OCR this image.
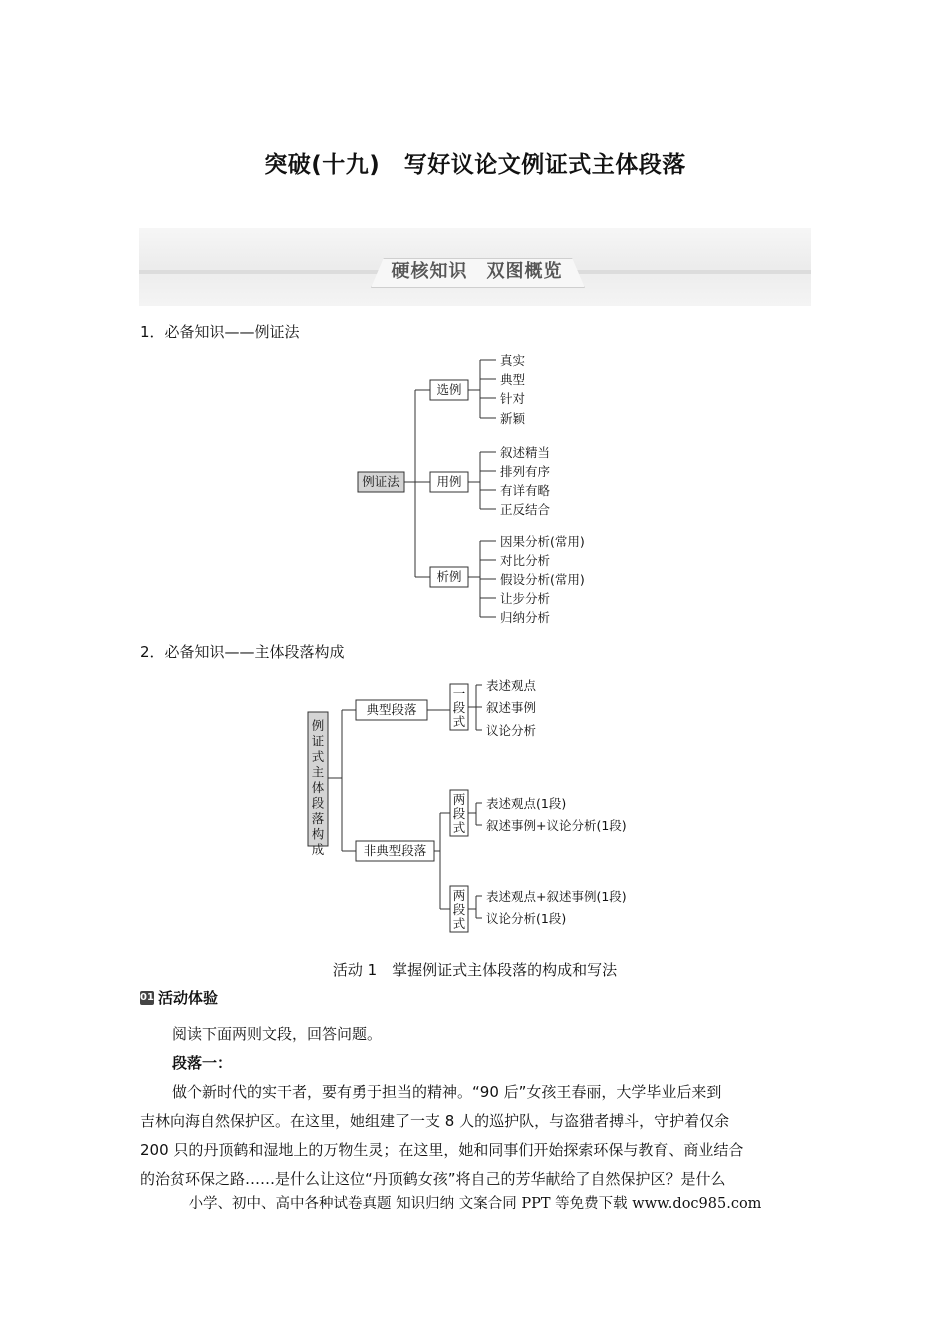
突破(十九)　写好议论文例证式主体段落
硬核知识　双图概览
1．必备知识——例证法
例证法
选例
真实
典型
针对
新颖
用例
叙述精当
排列有序
有详有略
正反结合
析例
因果分析(常用)
对比分析
假设分析(常用)
让步分析
归纳分析
2．必备知识——主体段落构成
例
证
式
主
体
段
落
构
成
典型段落
一
段
式
表述观点
叙述事例
议论分析
非典型段落
两
段
式
表述观点(1段)
叙述事例+议论分析(1段)
两
段
式
表述观点+叙述事例(1段)
议论分析(1段)
活动 1　掌握例证式主体段落的构成和写法
01 活动体验
阅读下面两则文段，回答问题。
段落一：
做个新时代的实干者，要有勇于担当的精神。“90 后”女孩王春丽，大学毕业后来到
吉林向海自然保护区。在这里，她组建了一支 8 人的巡护队，与盗猎者搏斗，守护着仅余
200 只的丹顶鹤和湿地上的万物生灵；在这里，她和同事们开始探索环保与教育、商业结合
的治贫环保之路……是什么让这位“丹顶鹤女孩”将自己的芳华献给了自然保护区？是什么
小学、初中、高中各种试卷真题 知识归纳 文案合同 PPT 等免费下载 www.doc985.com
